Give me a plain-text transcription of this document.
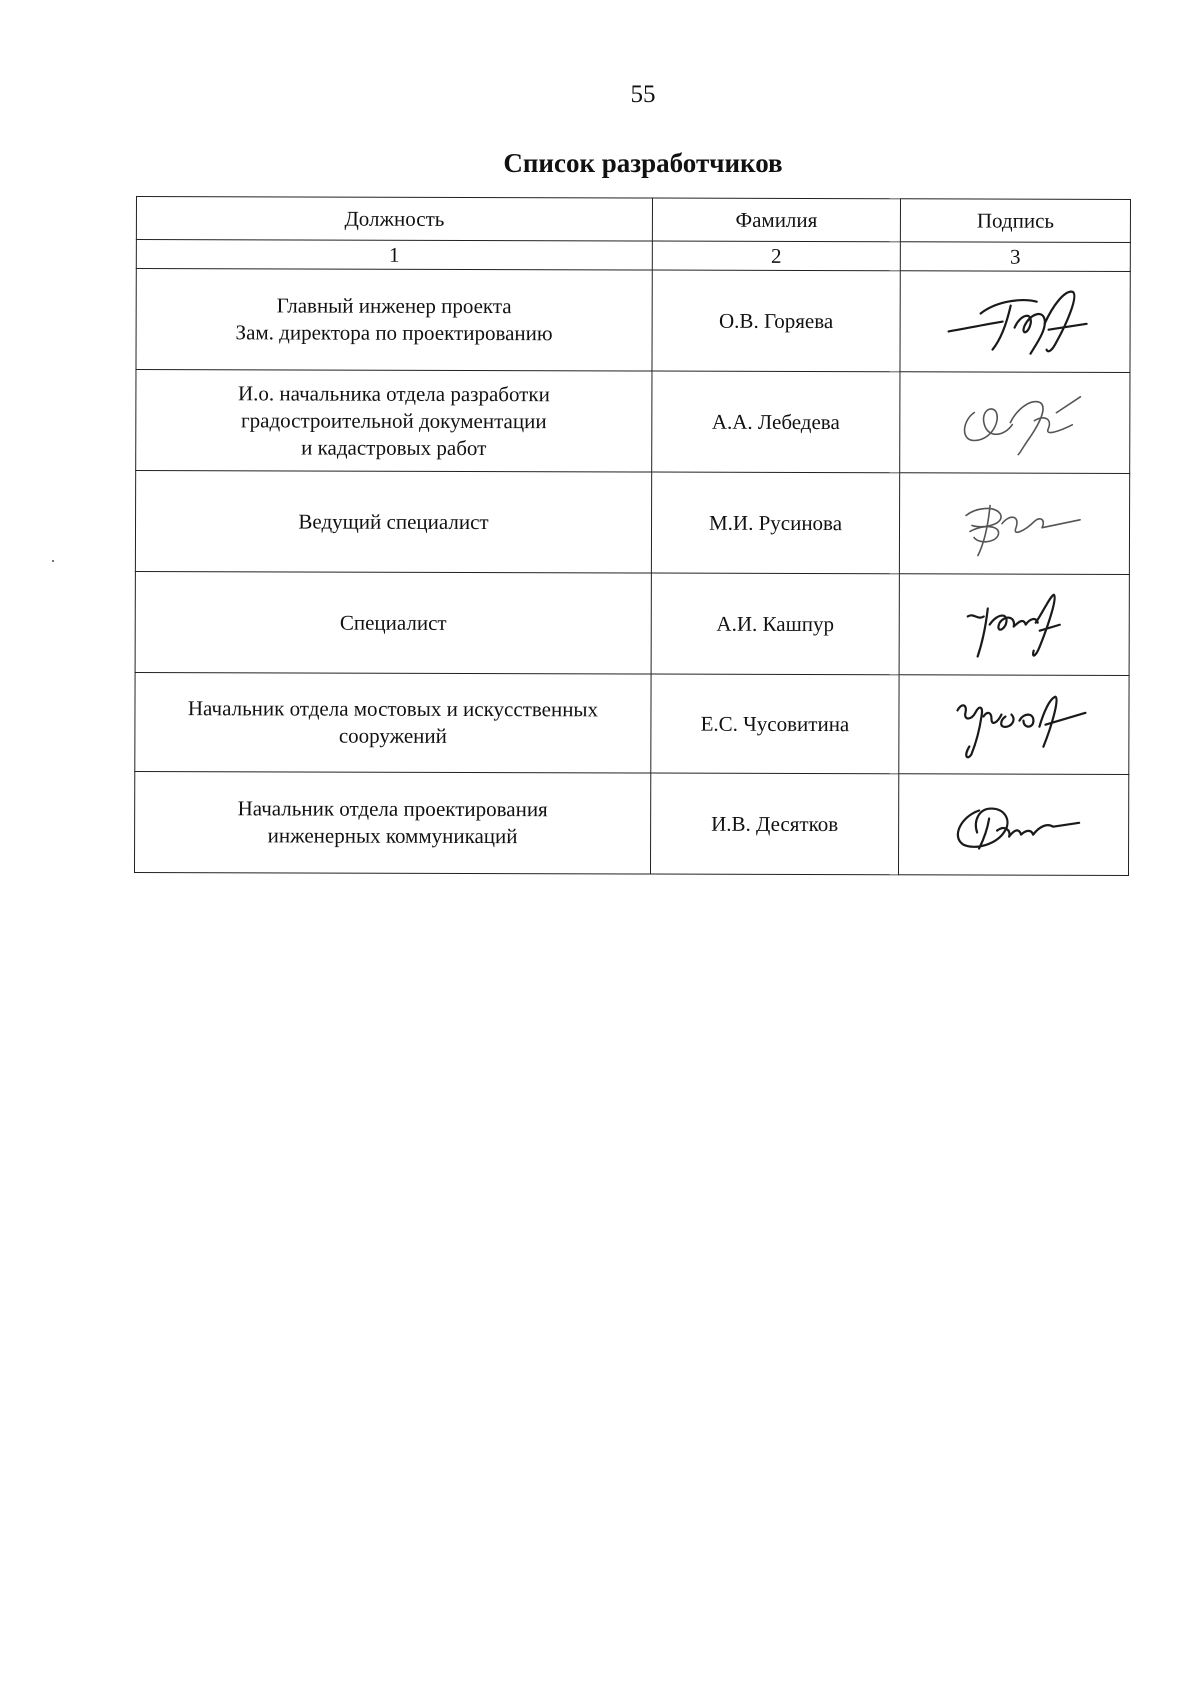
55
Список разработчиков
Должность	Фамилия	Подпись
1	2	3
Главный инженер проекта
Зам. директора по проектированию	О.В. Горяева	

И.о. начальника отдела разработки
градостроительной документации
и кадастровых работ	А.А. Лебедева	

Ведущий специалист	М.И. Русинова	

Специалист	А.И. Кашпур	

Начальник отдела мостовых и искусственных
сооружений	Е.С. Чусовитина	

Начальник отдела проектирования
инженерных коммуникаций	И.В. Десятков	
